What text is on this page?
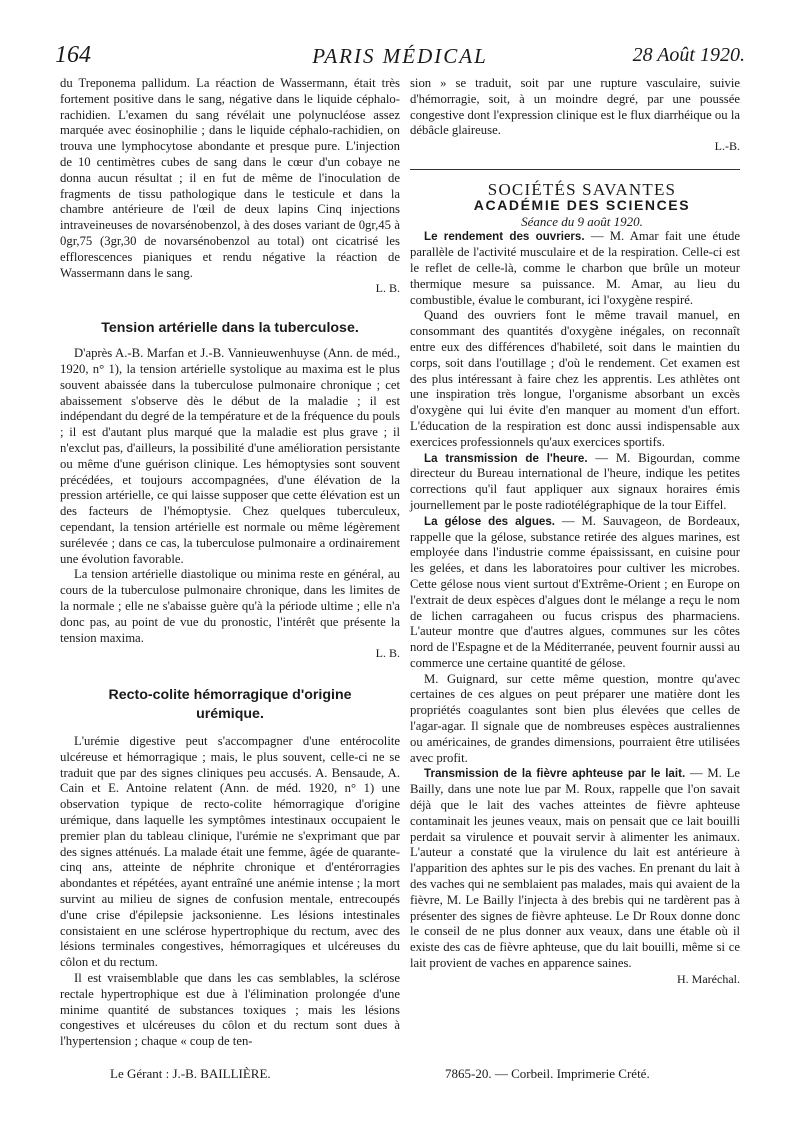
164	PARIS MÉDICAL	28 Août 1920.

du Treponema pallidum. La réaction de Wassermann, était très fortement positive dans le sang, négative dans le liquide céphalo-rachidien. L'examen du sang révélait une polynucléose assez marquée avec éosinophilie ; dans le liquide céphalo-rachidien, on trouva une lymphocytose abondante et presque pure. L'injection de 10 centimètres cubes de sang dans le cœur d'un cobaye ne donna aucun résultat ; il en fut de même de l'inoculation de fragments de tissu pathologique dans le testicule et dans la chambre antérieure de l'œil de deux lapins Cinq injections intraveineuses de novarsénobenzol, à des doses variant de 0gr,45 à 0gr,75 (3gr,30 de novarsénobenzol au total) ont cicatrisé les efflorescences pianiques et rendu négative la réaction de Wassermann dans le sang.

L. B.

Tension artérielle dans la tuberculose.

D'après A.-B. Marfan et J.-B. Vannieuwenhuyse (Ann. de méd., 1920, n° 1), la tension artérielle systolique au maxima est le plus souvent abaissée dans la tuberculose pulmonaire chronique ; cet abaissement s'observe dès le début de la maladie ; il est indépendant du degré de la température et de la fréquence du pouls ; il est d'autant plus marqué que la maladie est plus grave ; il n'exclut pas, d'ailleurs, la possibilité d'une amélioration persistante ou même d'une guérison clinique. Les hémoptysies sont souvent précédées, et toujours accompagnées, d'une élévation de la pression artérielle, ce qui laisse supposer que cette élévation est un des facteurs de l'hémoptysie. Chez quelques tuberculeux, cependant, la tension artérielle est normale ou même légèrement surélevée ; dans ce cas, la tuberculose pulmonaire a ordinairement une évolution favorable.

La tension artérielle diastolique ou minima reste en général, au cours de la tuberculose pulmonaire chronique, dans les limites de la normale ; elle ne s'abaisse guère qu'à la période ultime ; elle n'a donc pas, au point de vue du pronostic, l'intérêt que présente la tension maxima.

L. B.

Recto-colite hémorragique d'origine
urémique.

L'urémie digestive peut s'accompagner d'une entérocolite ulcéreuse et hémorragique ; mais, le plus souvent, celle-ci ne se traduit que par des signes cliniques peu accusés. A. Bensaude, A. Cain et E. Antoine relatent (Ann. de méd. 1920, n° 1) une observation typique de recto-colite hémorragique d'origine urémique, dans laquelle les symptômes intestinaux occupaient le premier plan du tableau clinique, l'urémie ne s'exprimant que par des signes atténués. La malade était une femme, âgée de quarante-cinq ans, atteinte de néphrite chronique et d'entérorragies abondantes et répétées, ayant entraîné une anémie intense ; la mort survint au milieu de signes de confusion mentale, entrecoupés d'une crise d'épilepsie jacksonienne. Les lésions intestinales consistaient en une sclérose hypertrophique du rectum, avec des lésions terminales congestives, hémorragiques et ulcéreuses du côlon et du rectum.

Il est vraisemblable que dans les cas semblables, la sclérose rectale hypertrophique est due à l'élimination prolongée d'une minime quantité de substances toxiques ; mais les lésions congestives et ulcéreuses du côlon et du rectum sont dues à l'hypertension ; chaque « coup de ten-

sion » se traduit, soit par une rupture vasculaire, suivie d'hémorragie, soit, à un moindre degré, par une poussée congestive dont l'expression clinique est le flux diarrhéique ou la débâcle glaireuse.

L.-B.

SOCIÉTÉS SAVANTES

ACADÉMIE DES SCIENCES

Séance du 9 août 1920.

Le rendement des ouvriers. — M. Amar fait une étude parallèle de l'activité musculaire et de la respiration. Celle-ci est le reflet de celle-là, comme le charbon que brûle un moteur thermique mesure sa puissance. M. Amar, au lieu du combustible, évalue le comburant, ici l'oxygène respiré.

Quand des ouvriers font le même travail manuel, en consommant des quantités d'oxygène inégales, on reconnaît entre eux des différences d'habileté, soit dans le maintien du corps, soit dans l'outillage ; d'où le rendement. Cet examen est des plus intéressant à faire chez les apprentis. Les athlètes ont une inspiration très longue, l'organisme absorbant un excès d'oxygène qui lui évite d'en manquer au moment d'un effort. L'éducation de la respiration est donc aussi indispensable aux exercices professionnels qu'aux exercices sportifs.

La transmission de l'heure. — M. Bigourdan, comme directeur du Bureau international de l'heure, indique les petites corrections qu'il faut appliquer aux signaux horaires émis journellement par le poste radiotélégraphique de la tour Eiffel.

La gélose des algues. — M. Sauvageon, de Bordeaux, rappelle que la gélose, substance retirée des algues marines, est employée dans l'industrie comme épaississant, en cuisine pour les gelées, et dans les laboratoires pour cultiver les microbes. Cette gélose nous vient surtout d'Extrême-Orient ; en Europe on l'extrait de deux espèces d'algues dont le mélange a reçu le nom de lichen carragaheen ou fucus crispus des pharmaciens. L'auteur montre que d'autres algues, communes sur les côtes nord de l'Espagne et de la Méditerranée, peuvent fournir aussi au commerce une certaine quantité de gélose.

M. Guignard, sur cette même question, montre qu'avec certaines de ces algues on peut préparer une matière dont les propriétés coagulantes sont bien plus élevées que celles de l'agar-agar. Il signale que de nombreuses espèces australiennes ou américaines, de grandes dimensions, pourraient être utilisées avec profit.

Transmission de la fièvre aphteuse par le lait. — M. Le Bailly, dans une note lue par M. Roux, rappelle que l'on savait déjà que le lait des vaches atteintes de fièvre aphteuse contaminait les jeunes veaux, mais on pensait que ce lait bouilli perdait sa virulence et pouvait servir à alimenter les animaux. L'auteur a constaté que la virulence du lait est antérieure à l'apparition des aphtes sur le pis des vaches. En prenant du lait à des vaches qui ne semblaient pas malades, mais qui avaient de la fièvre, M. Le Bailly l'injecta à des brebis qui ne tardèrent pas à présenter des signes de fièvre aphteuse. Le Dr Roux donne donc le conseil de ne plus donner aux veaux, dans une étable où il existe des cas de fièvre aphteuse, que du lait bouilli, même si ce lait provient de vaches en apparence saines.

H. Maréchal.

Le Gérant : J.-B. BAILLIÈRE.	7865-20. — Corbeil. Imprimerie Crété.
